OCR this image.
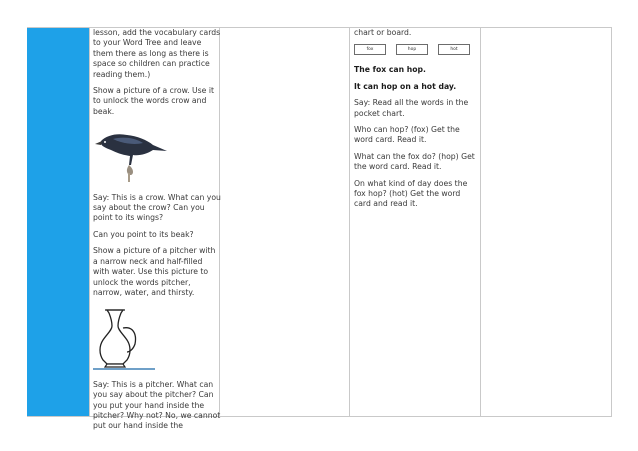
lesson, add the vocabulary cards to your Word Tree and leave them there as long as there is space so children can practice reading them.)

Show a picture of a crow. Use it to unlock the words crow and beak.

Say: This is a crow. What can you say about the crow? Can you point to its wings?

Can you point to its beak?

Show a picture of a pitcher with a narrow neck and half-filled with water. Use this picture to unlock the words pitcher, narrow, water, and thirsty.

Say: This is a pitcher. What can you say about the pitcher? Can you put your hand inside the pitcher? Why not? No, we cannot put our hand inside the

chart or board.

fox	hop	hot

The fox can hop.

It can hop on a hot day.

Say: Read all the words in the pocket chart.

Who can hop? (fox) Get the word card. Read it.

What can the fox do? (hop) Get the word card. Read it.

On what kind of day does the fox hop? (hot) Get the word card and read it.
